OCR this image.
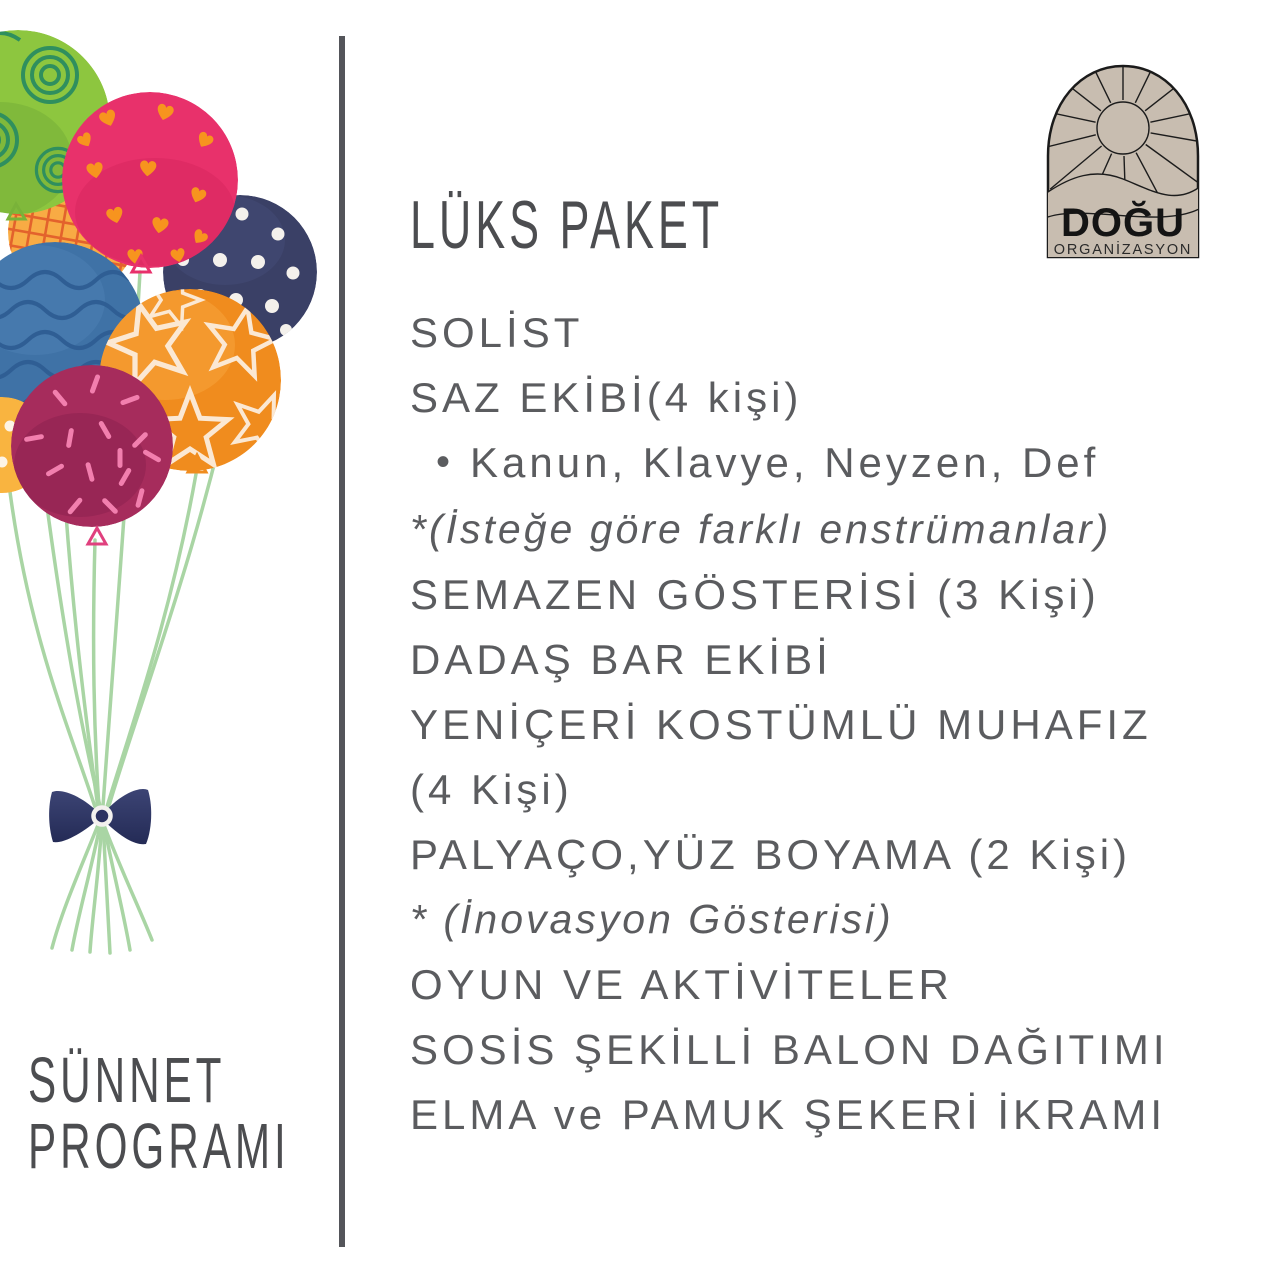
SÜNNET
PROGRAMI
LÜKS PAKET
SOLİST
SAZ EKİBİ(4 kişi)
• Kanun, Klavye, Neyzen, Def
*(İsteğe göre farklı enstrümanlar)
SEMAZEN GÖSTERİSİ (3 Kişi)
DADAŞ BAR EKİBİ
YENİÇERİ KOSTÜMLÜ MUHAFIZ
(4 Kişi)
PALYAÇO,YÜZ BOYAMA (2 Kişi)
* (İnovasyon Gösterisi)
OYUN VE AKTİVİTELER
SOSİS ŞEKİLLİ BALON DAĞITIMI
ELMA ve PAMUK ŞEKERİ İKRAMI
DOĞU
ORGANİZASYON
